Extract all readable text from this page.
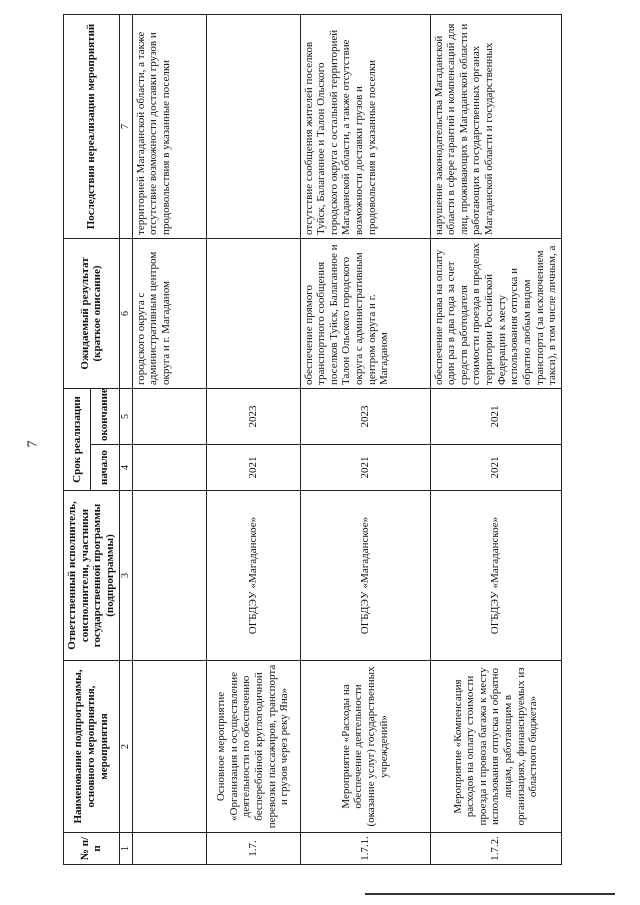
7
№ п/п	Наименование подпрограммы, основного мероприятия, мероприятия	Ответственный исполнитель, соисполнители, участники государственной программы (подпрограммы)	Срок реализации		Ожидаемый результат (краткое описание)	Последствия нереализации мероприятий
			начало	окончание		
1	2	3	4	5	6	7
					городского округа с административным центром округа и г. Магаданом	территорией Магаданской области, а также отсутствие возможности доставки грузов и продовольствия в указанные поселки
1.7.	Основное мероприятие «Организация и осуществление деятельности по обеспечению бесперебойной круглогодичной перевозки пассажиров, транспорта и грузов через реку Яна»	ОГБДЭУ «Магаданское»	2021	2023		
1.7.1.	Мероприятие «Расходы на обеспечение деятельности (оказание услуг) государственных учреждений»	ОГБДЭУ «Магаданское»	2021	2023	обеспечение прямого транспортного сообщения поселков Туйск, Балаганное и Талон Ольского городского округа с административным центром округа и г. Магаданом	отсутствие сообщения жителей поселков Туйск, Балаганное и Талон Ольского городского округа с остальной территорией Магаданской области, а также отсутствие возможности доставки грузов и продовольствия в указанные поселки
1.7.2.	Мероприятие «Компенсация расходов на оплату стоимости проезда и провоза багажа к месту использования отпуска и обратно лицам, работающим в организациях, финансируемых из областного бюджета»	ОГБДЭУ «Магаданское»	2021	2021	обеспечение права на оплату один раз в два года за счет средств работодателя стоимости проезда в пределах территории Российской Федерации к месту использования отпуска и обратно любым видом транспорта (за исключением такси), в том числе личным, а	нарушение законодательства Магаданской области в сфере гарантий и компенсаций для лиц, проживающих в Магаданской области и работающих в государственных органах Магаданской области и государственных
